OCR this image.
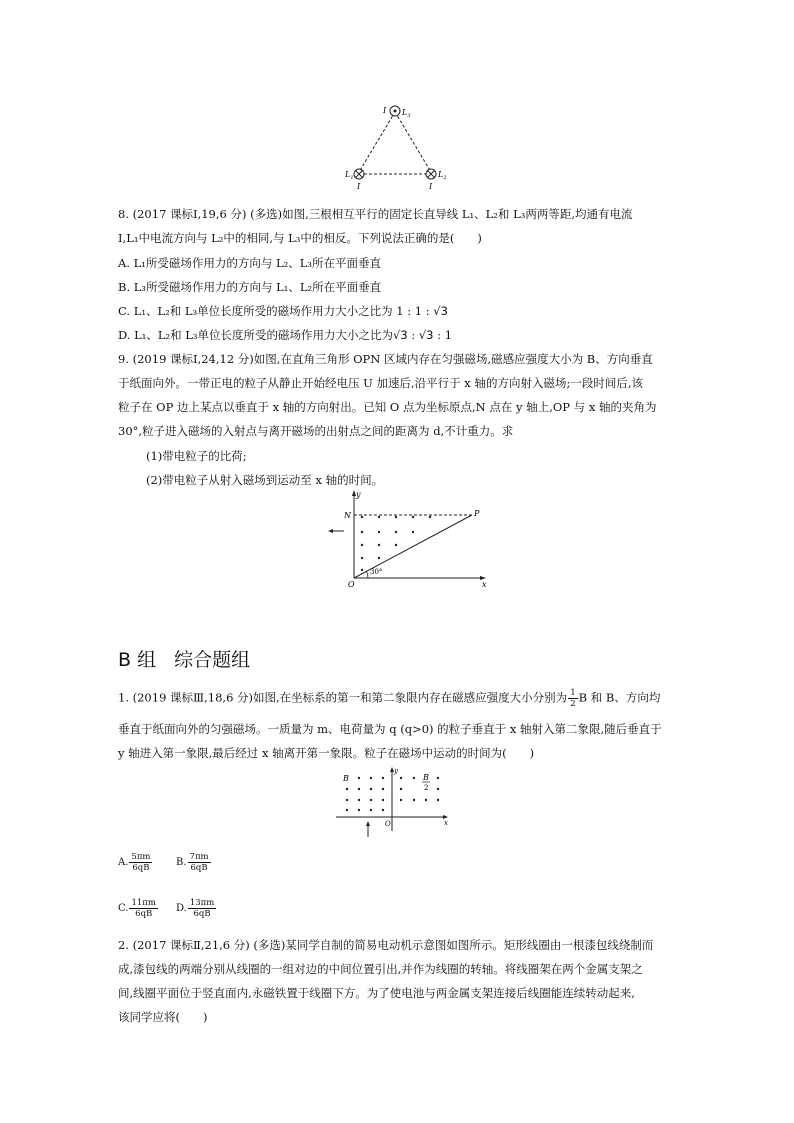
I $L_3$
$L_1$	$L_2$
I	I
8. (2017 课标Ⅰ,19,6 分) (多选)如图,三根相互平行的固定长直导线 L₁、L₂和 L₃两两等距,均通有电流
I,L₁中电流方向与 L₂中的相同,与 L₃中的相反。下列说法正确的是(　　)
A. L₁所受磁场作用力的方向与 L₂、L₃所在平面垂直
B. L₃所受磁场作用力的方向与 L₁、L₂所在平面垂直
C. L₁、L₂和 L₃单位长度所受的磁场作用力大小之比为 1 : 1 : √3
D. L₁、L₂和 L₃单位长度所受的磁场作用力大小之比为√3 : √3 : 1
9. (2019 课标Ⅰ,24,12 分)如图,在直角三角形 OPN 区域内存在匀强磁场,磁感应强度大小为 B、方向垂直
于纸面向外。一带正电的粒子从静止开始经电压 U 加速后,沿平行于 x 轴的方向射入磁场;一段时间后,该
粒子在 OP 边上某点以垂直于 x 轴的方向射出。已知 O 点为坐标原点,N 点在 y 轴上,OP 与 x 轴的夹角为
30°,粒子进入磁场的入射点与离开磁场的出射点之间的距离为 d,不计重力。求
(1)带电粒子的比荷;
(2)带电粒子从射入磁场到运动至 x 轴的时间。
y
N	P
O	x
30°
B 组 综合题组
1. (2019 课标Ⅲ,18,6 分)如图,在坐标系的第一和第二象限内存在磁感应强度大小分别为 $\frac{1}{2}$ B 和 B、方向均
垂直于纸面向外的匀强磁场。一质量为 m、电荷量为 q (q>0) 的粒子垂直于 x 轴射入第二象限,随后垂直于
y 轴进入第一象限,最后经过 x 轴离开第一象限。粒子在磁场中运动的时间为(　　)
B	B
2
y
O	x
A. $\frac{5\pi m}{6qB} B$. $\frac{7\pi m}{6qB}$
C. $\frac{11\pi m}{6qB} D$. $\frac{13\pi m}{6qB}$
2. (2017 课标Ⅱ,21,6 分) (多选)某同学自制的简易电动机示意图如图所示。矩形线圈由一根漆包线绕制而
成,漆包线的两端分别从线圈的一组对边的中间位置引出,并作为线圈的转轴。将线圈架在两个金属支架之
间,线圈平面位于竖直面内,永磁铁置于线圈下方。为了使电池与两金属支架连接后线圈能连续转动起来,
该同学应将(　　)
